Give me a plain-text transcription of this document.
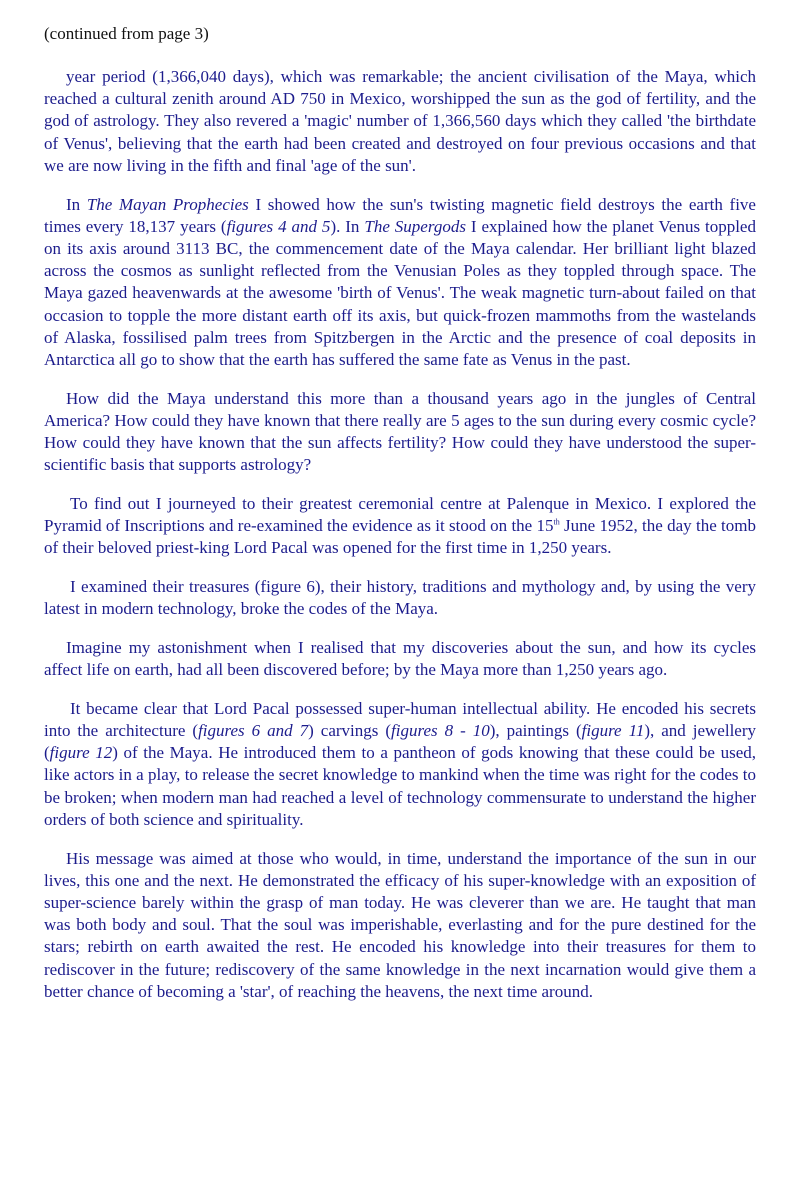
(continued from page 3)

year period (1,366,040 days), which was remarkable; the ancient civilisation of the Maya, which reached a cultural zenith around AD 750 in Mexico, worshipped the sun as the god of fertility, and the god of astrology. They also revered a 'magic' number of 1,366,560 days which they called 'the birthdate of Venus', believing that the earth had been created and destroyed on four previous occasions and that we are now living in the fifth and final 'age of the sun'.

In The Mayan Prophecies I showed how the sun's twisting magnetic field destroys the earth five times every 18,137 years (figures 4 and 5). In The Supergods I explained how the planet Venus toppled on its axis around 3113 BC, the commencement date of the Maya calendar. Her brilliant light blazed across the cosmos as sunlight reflected from the Venusian Poles as they toppled through space. The Maya gazed heavenwards at the awesome 'birth of Venus'. The weak magnetic turn-about failed on that occasion to topple the more distant earth off its axis, but quick-frozen mammoths from the wastelands of Alaska, fossilised palm trees from Spitzbergen in the Arctic and the presence of coal deposits in Antarctica all go to show that the earth has suffered the same fate as Venus in the past.

How did the Maya understand this more than a thousand years ago in the jungles of Central America? How could they have known that there really are 5 ages to the sun during every cosmic cycle? How could they have known that the sun affects fertility? How could they have understood the super-scientific basis that supports astrology?

To find out I journeyed to their greatest ceremonial centre at Palenque in Mexico. I explored the Pyramid of Inscriptions and re-examined the evidence as it stood on the 15th June 1952, the day the tomb of their beloved priest-king Lord Pacal was opened for the first time in 1,250 years.

I examined their treasures (figure 6), their history, traditions and mythology and, by using the very latest in modern technology, broke the codes of the Maya.

Imagine my astonishment when I realised that my discoveries about the sun, and how its cycles affect life on earth, had all been discovered before; by the Maya more than 1,250 years ago.

It became clear that Lord Pacal possessed super-human intellectual ability. He encoded his secrets into the architecture (figures 6 and 7) carvings (figures 8 - 10), paintings (figure 11), and jewellery (figure 12) of the Maya. He introduced them to a pantheon of gods knowing that these could be used, like actors in a play, to release the secret knowledge to mankind when the time was right for the codes to be broken; when modern man had reached a level of technology commensurate to understand the higher orders of both science and spirituality.

His message was aimed at those who would, in time, understand the importance of the sun in our lives, this one and the next. He demonstrated the efficacy of his super-knowledge with an exposition of super-science barely within the grasp of man today. He was cleverer than we are. He taught that man was both body and soul. That the soul was imperishable, everlasting and for the pure destined for the stars; rebirth on earth awaited the rest. He encoded his knowledge into their treasures for them to rediscover in the future; rediscovery of the same knowledge in the next incarnation would give them a better chance of becoming a 'star', of reaching the heavens, the next time around.
